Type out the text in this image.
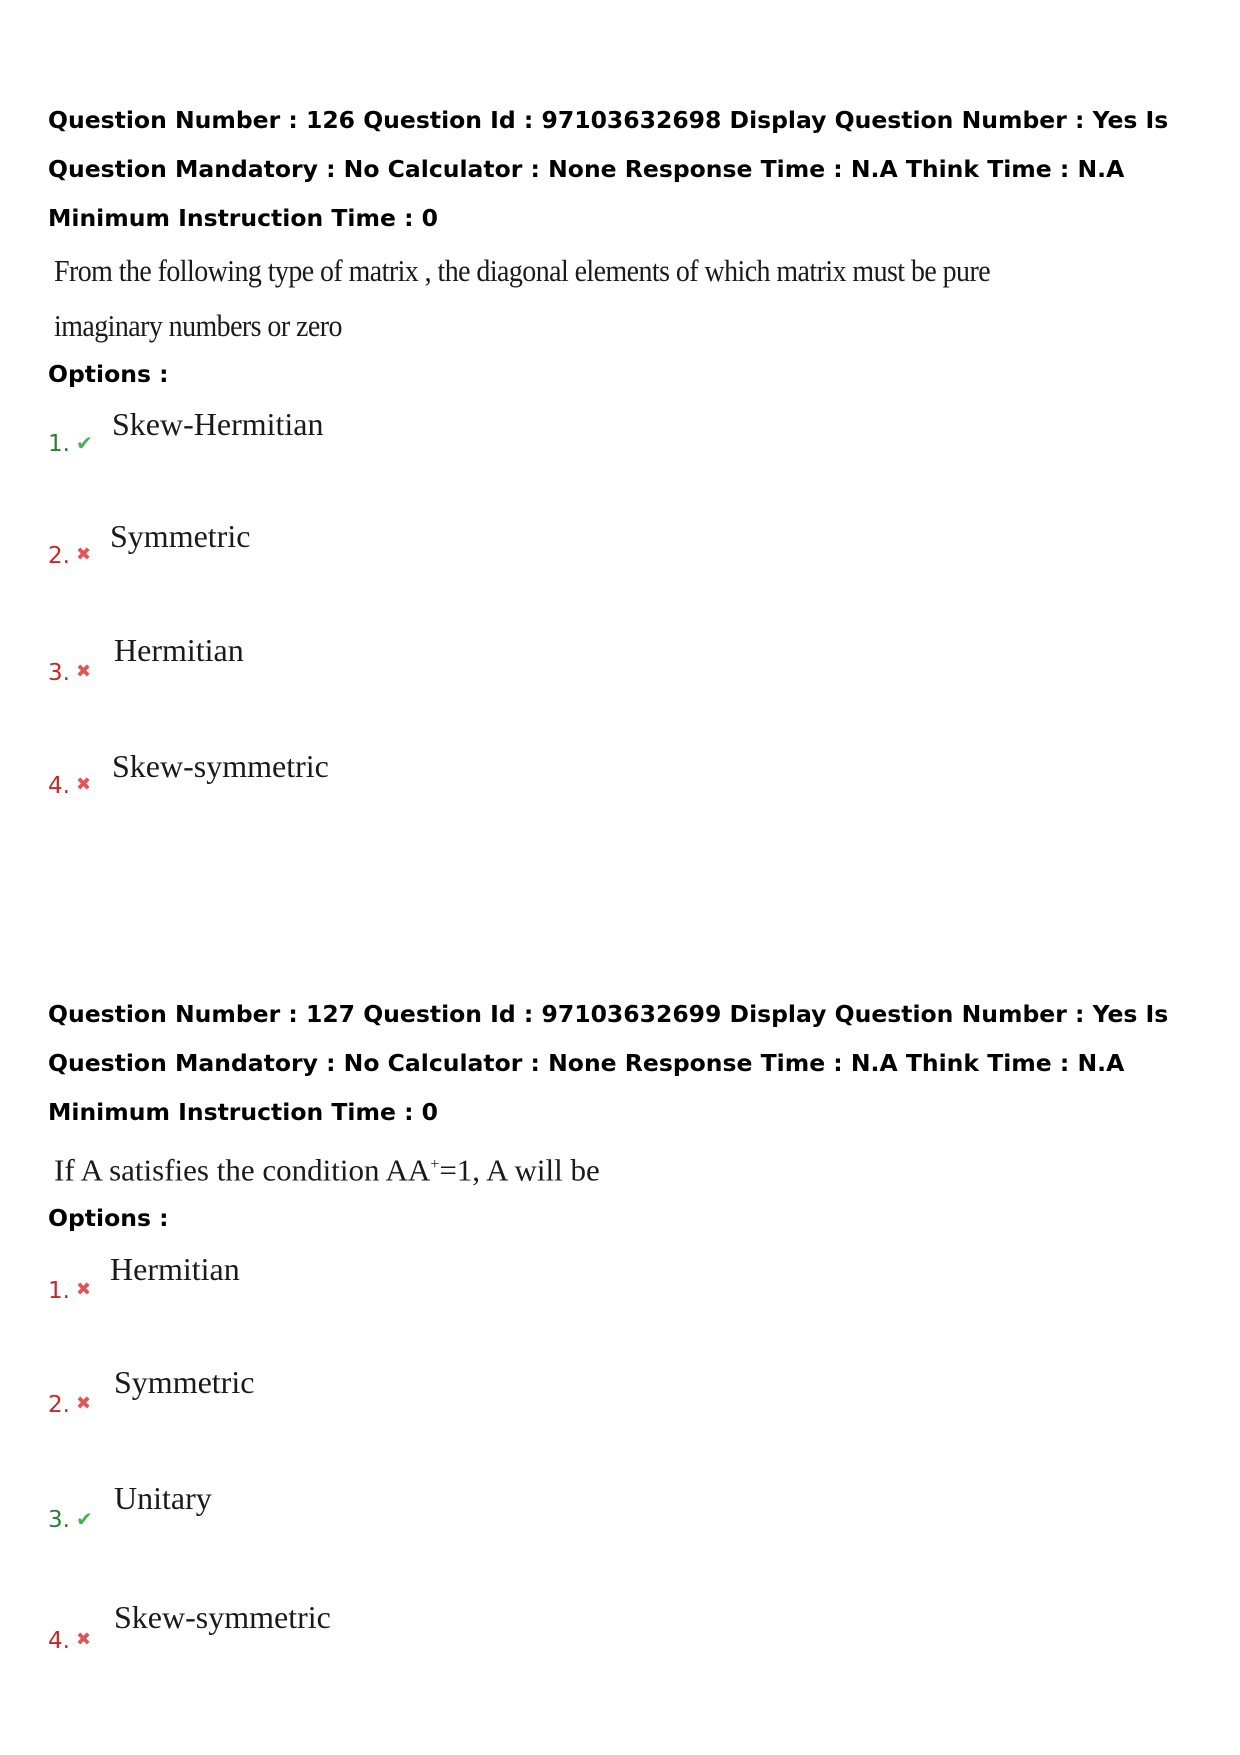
Question Number : 126 Question Id : 97103632698 Display Question Number : Yes Is Question Mandatory : No Calculator : None Response Time : N.A Think Time : N.A Minimum Instruction Time : 0

From the following type of matrix , the diagonal elements of which matrix must be pure
imaginary numbers or zero

Options :

1. ✔
Skew-Hermitian
2. ✖
Symmetric
3. ✖
Hermitian
4. ✖
Skew-symmetric

Question Number : 127 Question Id : 97103632699 Display Question Number : Yes Is Question Mandatory : No Calculator : None Response Time : N.A Think Time : N.A Minimum Instruction Time : 0

If A satisfies the condition AA+=1, A will be

Options :

1. ✖
Hermitian
2. ✖
Symmetric
3. ✔
Unitary
4. ✖
Skew-symmetric
